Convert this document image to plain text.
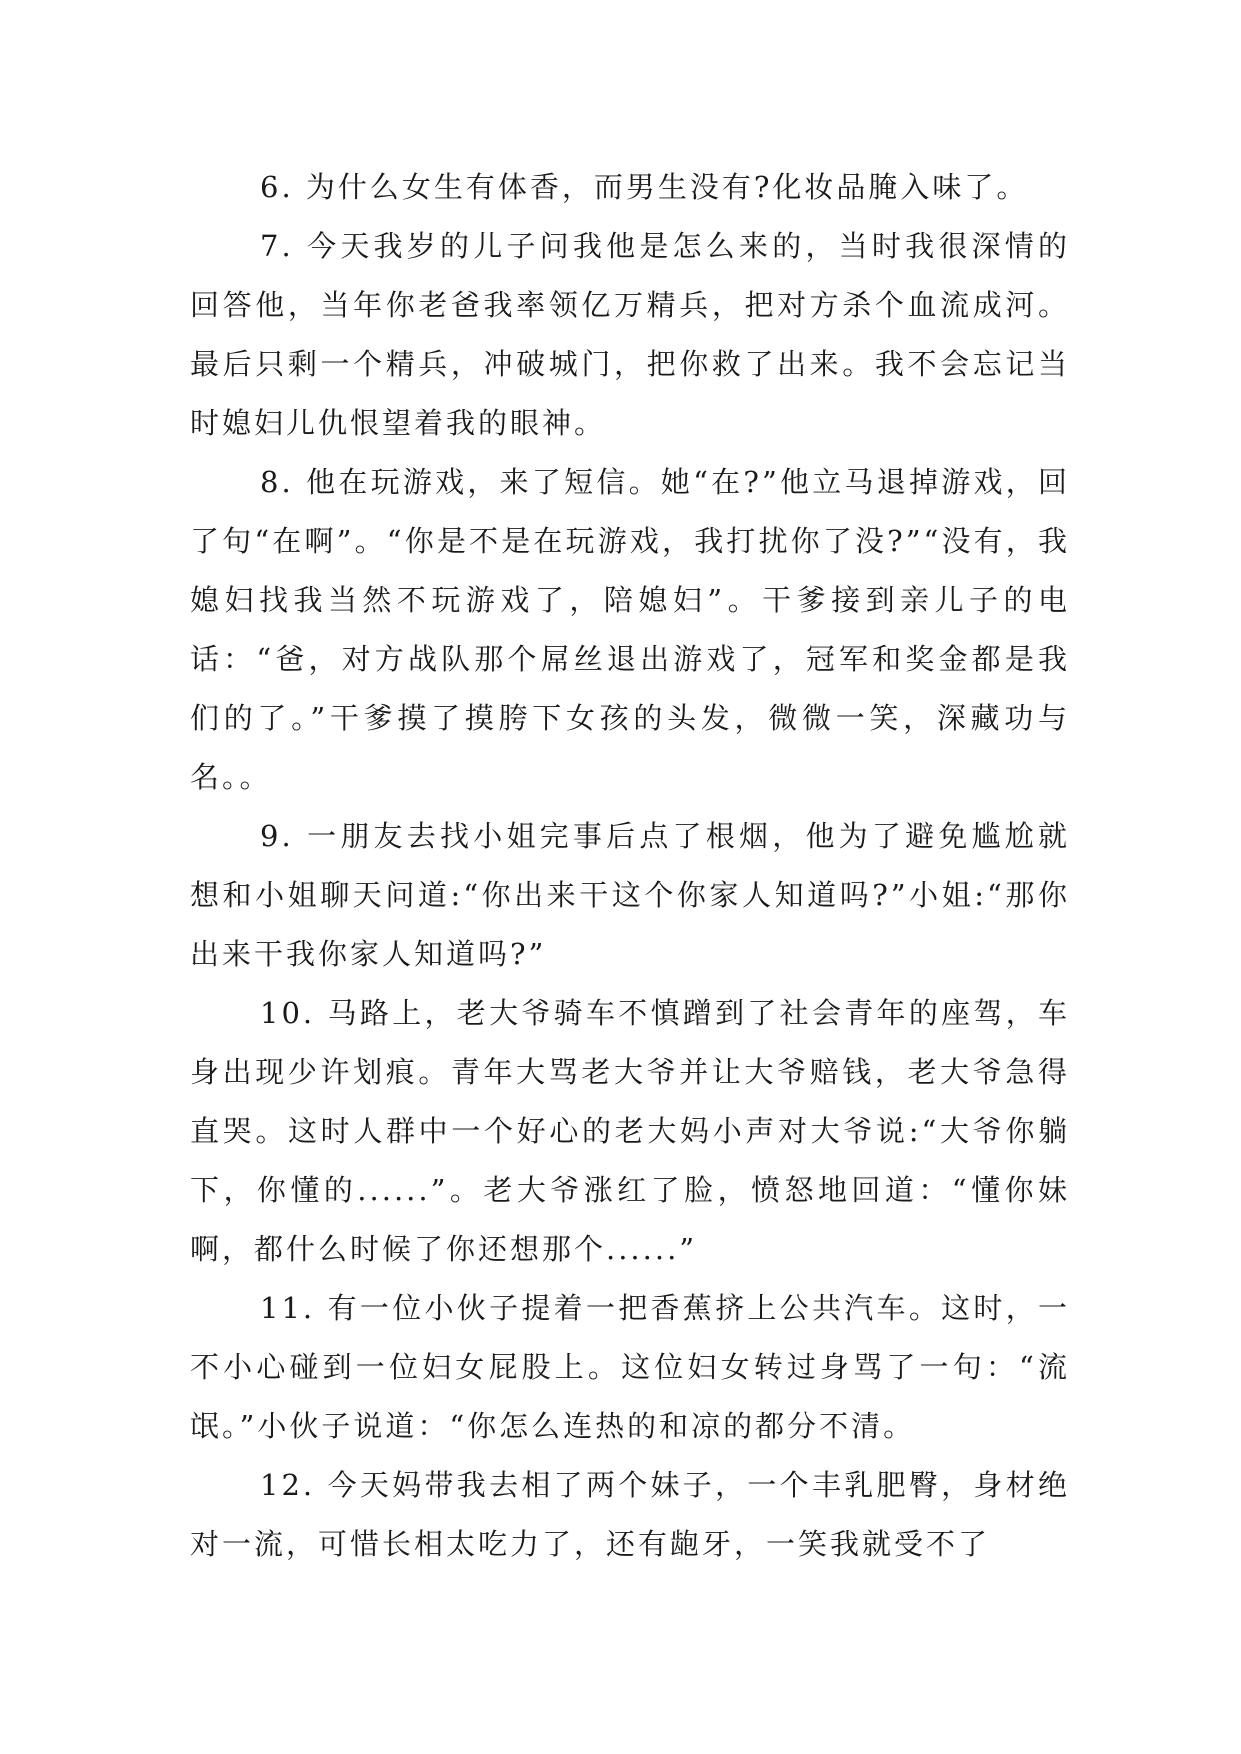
6. 为什么女生有体香，而男生没有?化妆品腌入味了。

7. 今天我岁的儿子问我他是怎么来的，当时我很深情的回答他，当年你老爸我率领亿万精兵，把对方杀个血流成河。最后只剩一个精兵，冲破城门，把你救了出来。我不会忘记当时媳妇儿仇恨望着我的眼神。

8. 他在玩游戏，来了短信。她“在?”他立马退掉游戏，回了句“在啊”。“你是不是在玩游戏，我打扰你了没?”“没有，我媳妇找我当然不玩游戏了，陪媳妇”。干爹接到亲儿子的电话：“爸，对方战队那个屌丝退出游戏了，冠军和奖金都是我们的了。”干爹摸了摸胯下女孩的头发，微微一笑，深藏功与名。。

9. 一朋友去找小姐完事后点了根烟，他为了避免尴尬就想和小姐聊天问道:“你出来干这个你家人知道吗?”小姐:“那你出来干我你家人知道吗?”

10. 马路上，老大爷骑车不慎蹭到了社会青年的座驾，车身出现少许划痕。青年大骂老大爷并让大爷赔钱，老大爷急得直哭。这时人群中一个好心的老大妈小声对大爷说:“大爷你躺下，你懂的......”。老大爷涨红了脸，愤怒地回道：“懂你妹啊，都什么时候了你还想那个......”

11. 有一位小伙子提着一把香蕉挤上公共汽车。这时，一不小心碰到一位妇女屁股上。这位妇女转过身骂了一句：“流氓。”小伙子说道：“你怎么连热的和凉的都分不清。

12. 今天妈带我去相了两个妹子，一个丰乳肥臀，身材绝对一流，可惜长相太吃力了，还有龅牙，一笑我就受不了
